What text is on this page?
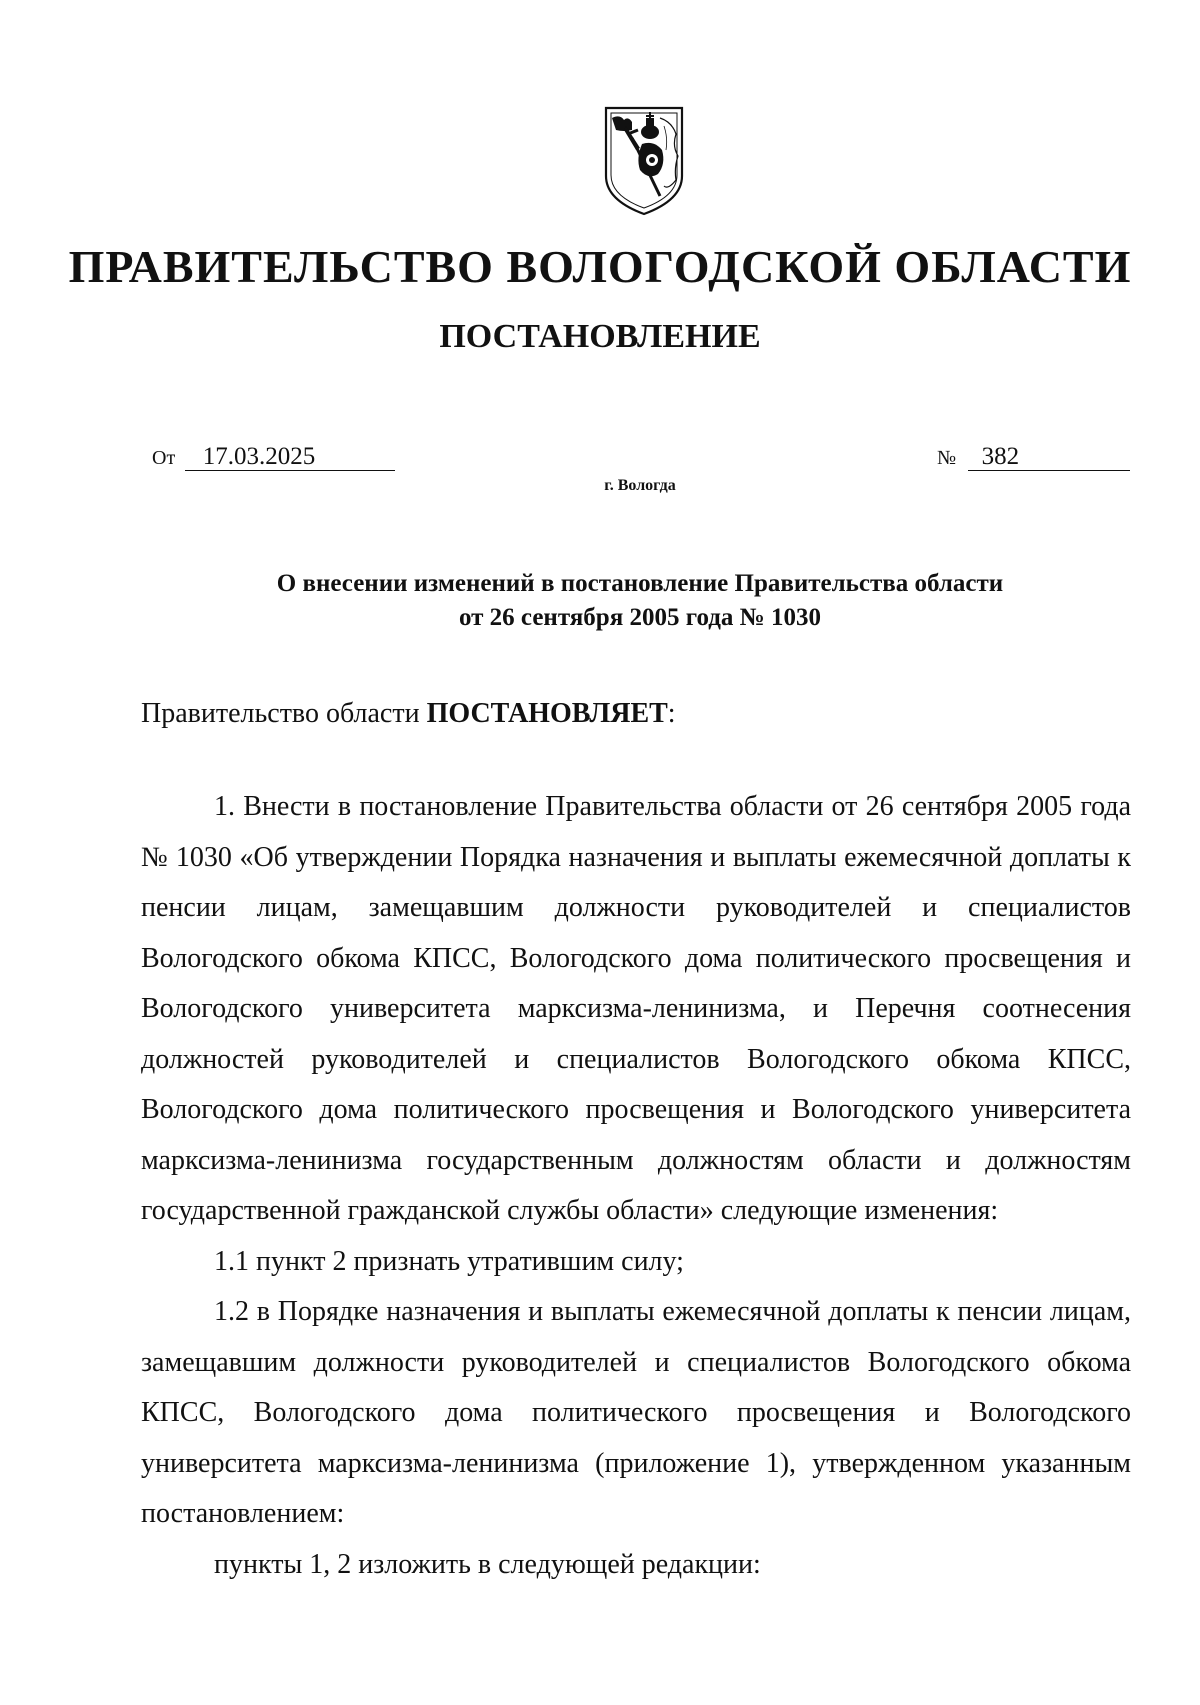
ПРАВИТЕЛЬСТВО ВОЛОГОДСКОЙ ОБЛАСТИ
ПОСТАНОВЛЕНИЕ
От 17.03.2025	№ 382
г. Вологда
О внесении изменений в постановление Правительства области
от 26 сентября 2005 года № 1030
Правительство области ПОСТАНОВЛЯЕТ:

1. Внести в постановление Правительства области от 26 сентября 2005 года № 1030 «Об утверждении Порядка назначения и выплаты ежемесячной доплаты к пенсии лицам, замещавшим должности руководителей и специалистов Вологодского обкома КПСС, Вологодского дома политического просвещения и Вологодского университета марксизма-ленинизма, и Перечня соотнесения должностей руководителей и специалистов Вологодского обкома КПСС, Вологодского дома политического просвещения и Вологодского университета марксизма-ленинизма государственным должностям области и должностям государственной гражданской службы области» следующие изменения:

1.1 пункт 2 признать утратившим силу;

1.2 в Порядке назначения и выплаты ежемесячной доплаты к пенсии лицам, замещавшим должности руководителей и специалистов Вологодского обкома КПСС, Вологодского дома политического просвещения и Вологодского университета марксизма-ленинизма (приложение 1), утвержденном указанным постановлением:

пункты 1, 2 изложить в следующей редакции:
